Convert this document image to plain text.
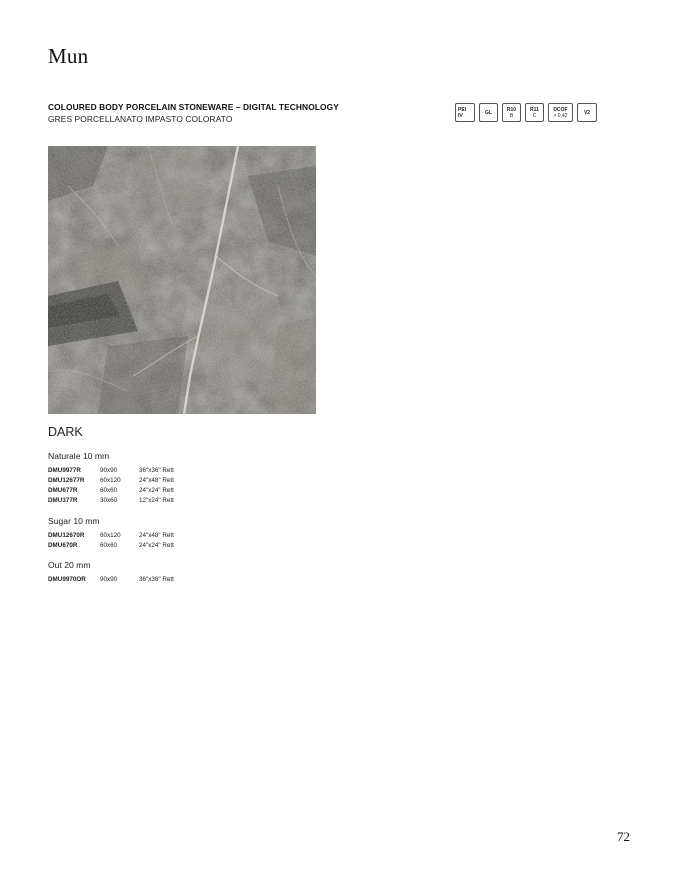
Mun
COLOURED BODY PORCELAIN STONEWARE – DIGITAL TECHNOLOGY
GRES PORCELLANATO IMPASTO COLORATO
PEI IV	GL	R10
B
R11
C
DCOF
> 0,42	V2
DARK
Naturale 10 mm
DMU9977R	90x90	36"x36" Rett
DMU12677R	60x120	24"x48" Rett
DMU677R	60x60	24"x24" Rett
DMU377R	30x60	12"x24" Rett
Sugar 10 mm
DMU12670R	60x120	24"x48" Rett
DMU670R	60x60	24"x24" Rett
Out 20 mm
DMU9970OR	90x90	36"x36" Rett
72
